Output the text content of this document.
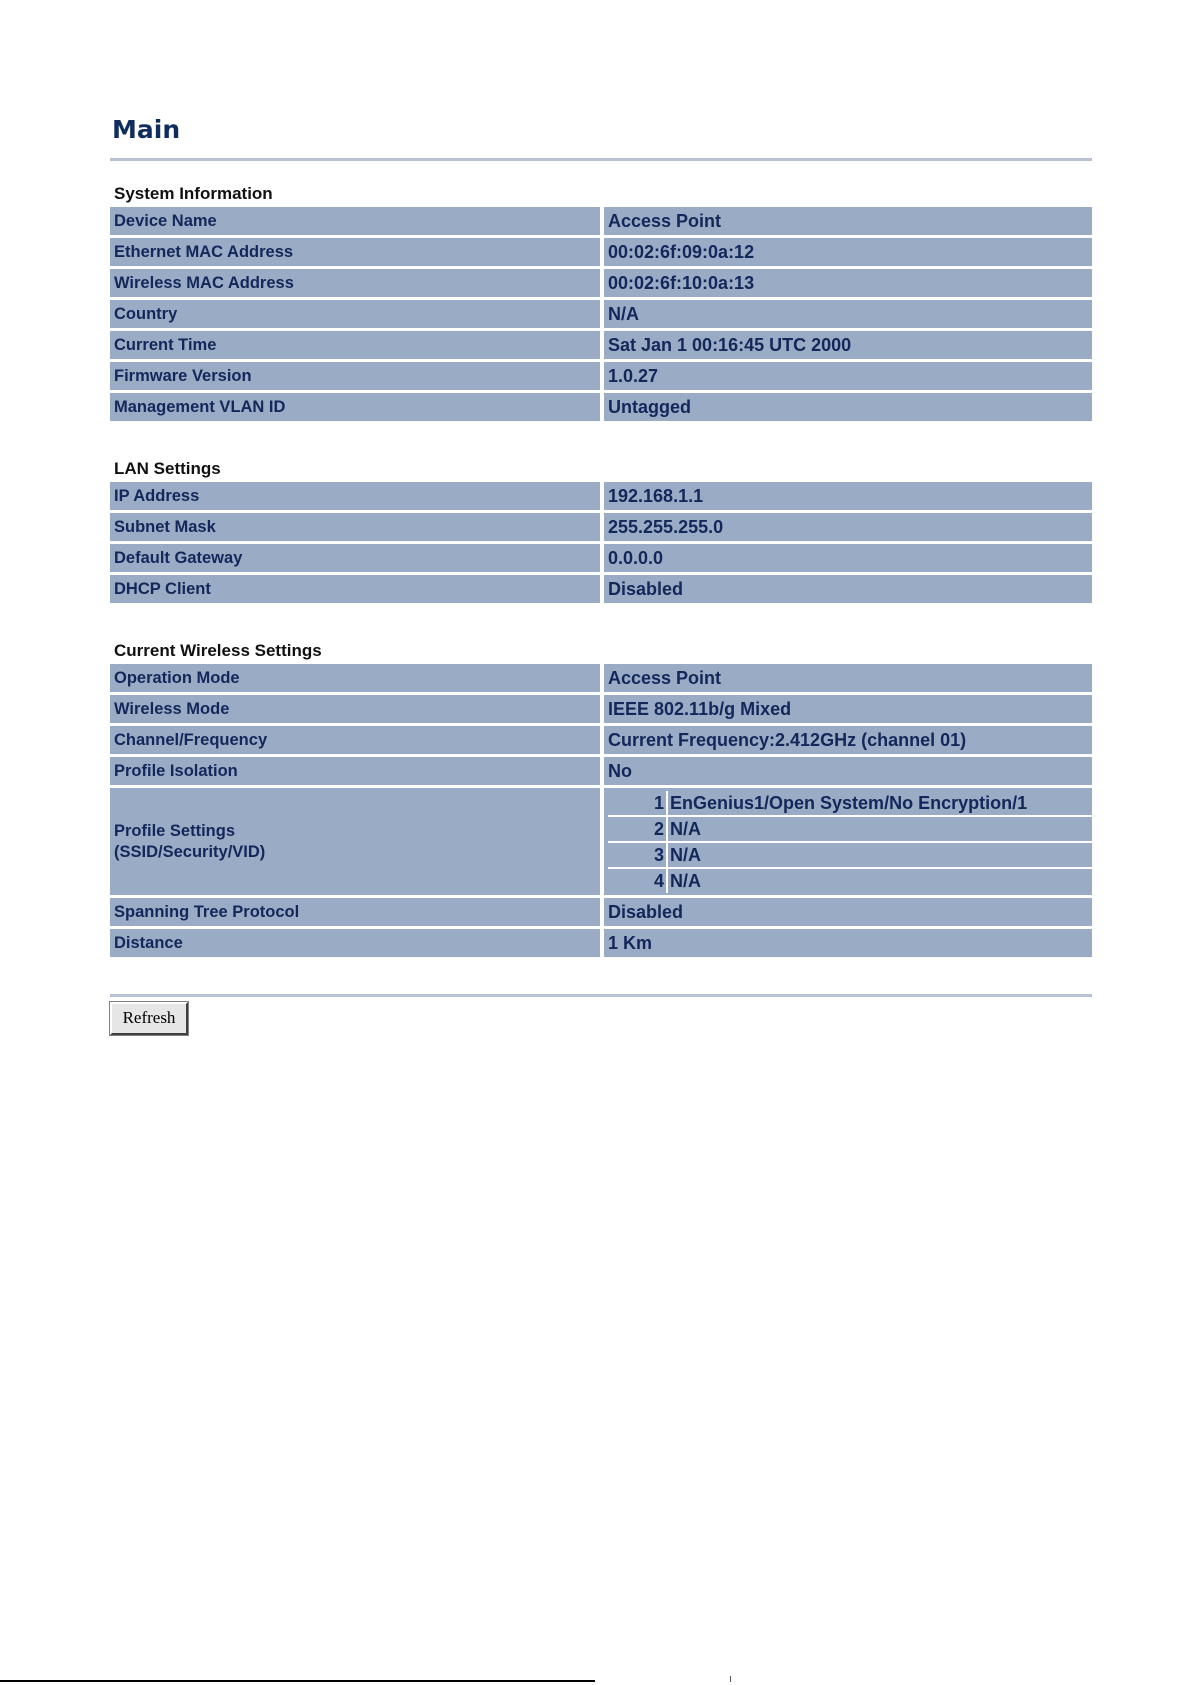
Main
System Information
Device Name	Access Point
Ethernet MAC Address	00:02:6f:09:0a:12
Wireless MAC Address	00:02:6f:10:0a:13
Country	N/A
Current Time	Sat Jan 1 00:16:45 UTC 2000
Firmware Version	1.0.27
Management VLAN ID	Untagged
LAN Settings
IP Address	192.168.1.1
Subnet Mask	255.255.255.0
Default Gateway	0.0.0.0
DHCP Client	Disabled
Current Wireless Settings
Operation Mode	Access Point
Wireless Mode	IEEE 802.11b/g Mixed
Channel/Frequency	Current Frequency:2.412GHz (channel 01)
Profile Isolation	No

Profile Settings
(SSID/Security/VID)

1	EnGenius1/Open System/No Encryption/1
2	N/A
3	N/A
4	N/A

Spanning Tree Protocol	Disabled
Distance	1 Km
Refresh
